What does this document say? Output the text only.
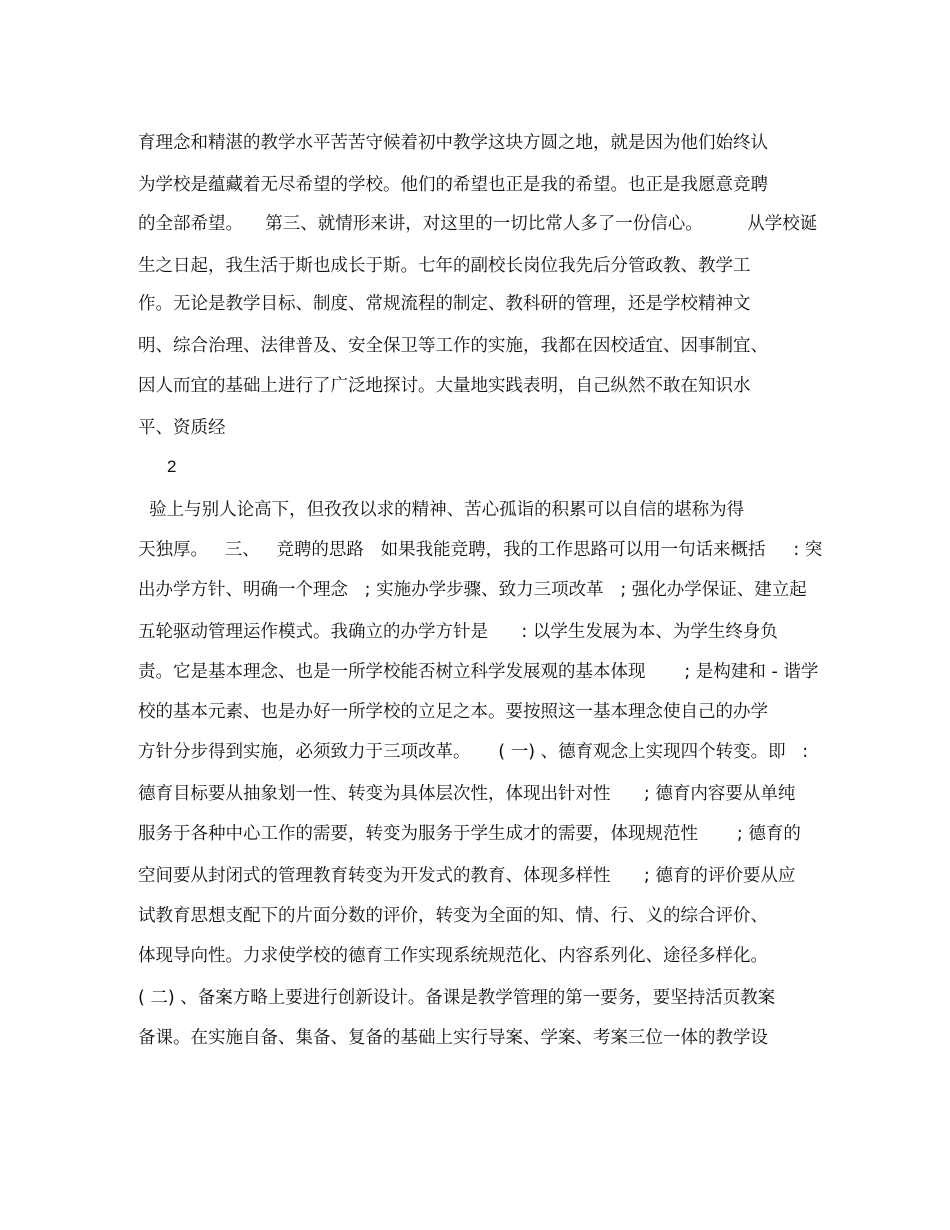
育理念和精湛的教学水平苦苦守候着初中教学这块方圆之地，就是因为他们始终认
为学校是蕴藏着无尽希望的学校。他们的希望也正是我的希望。也正是我愿意竞聘
的全部希望。    第三、就情形来讲，对这里的一切比常人多了一份信心。        从学校诞
生之日起，我生活于斯也成长于斯。七年的副校长岗位我先后分管政教、教学工
作。无论是教学目标、制度、常规流程的制定、教科研的管理，还是学校精神文
明、综合治理、法律普及、安全保卫等工作的实施，我都在因校适宜、因事制宜、
因人而宜的基础上进行了广泛地探讨。大量地实践表明，自己纵然不敢在知识水
平、资质经
2
验上与别人论高下，但孜孜以求的精神、苦心孤诣的积累可以自信的堪称为得
天独厚。   三、   竞聘的思路   如果我能竞聘，我的工作思路可以用一句话来概括     : 突
出办学方针、明确一个理念   ; 实施办学步骤、致力三项改革   ; 强化办学保证、建立起
五轮驱动管理运作模式。我确立的办学方针是      : 以学生发展为本、为学生终身负
责。它是基本理念、也是一所学校能否树立科学发展观的基本体现       ; 是构建和 - 谐学
校的基本元素、也是办好一所学校的立足之本。要按照这一基本理念使自己的办学
方针分步得到实施，必须致力于三项改革。     ( 一) 、德育观念上实现四个转变。即   :
德育目标要从抽象划一性、转变为具体层次性，体现出针对性      ; 德育内容要从单纯
服务于各种中心工作的需要，转变为服务于学生成才的需要，体现规范性       ; 德育的
空间要从封闭式的管理教育转变为开发式的教育、体现多样性      ; 德育的评价要从应
试教育思想支配下的片面分数的评价，转变为全面的知、情、行、义的综合评价、
体现导向性。力求使学校的德育工作实现系统规范化、内容系列化、途径多样化。
( 二) 、备案方略上要进行创新设计。备课是教学管理的第一要务，要坚持活页教案
备课。在实施自备、集备、复备的基础上实行导案、学案、考案三位一体的教学设
